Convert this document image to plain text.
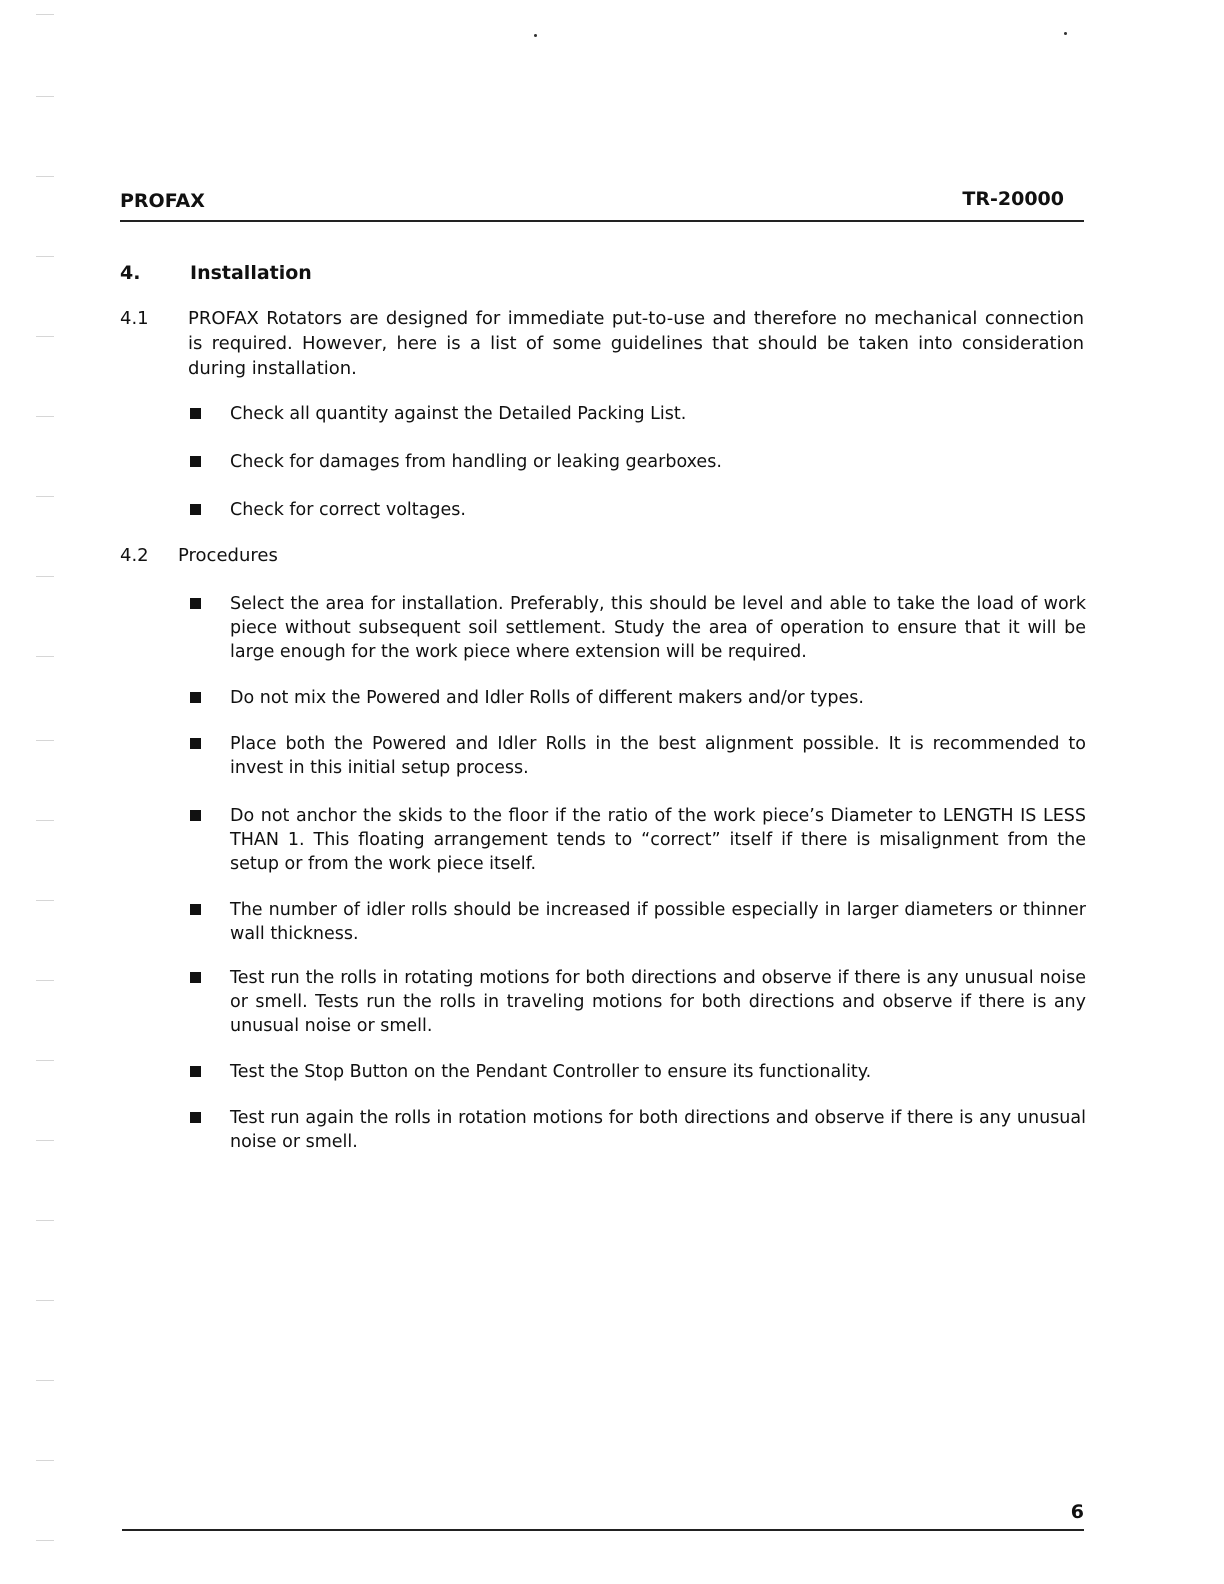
PROFAX	TR-20000
4.	Installation
4.1 PROFAX Rotators are designed for immediate put-to-use and therefore no mechanical connection is required. However, here is a list of some guidelines that should be taken into consideration during installation.
Check all quantity against the Detailed Packing List.
Check for damages from handling or leaking gearboxes.
Check for correct voltages.
4.2 Procedures
Select the area for installation. Preferably, this should be level and able to take the load of work piece without subsequent soil settlement. Study the area of operation to ensure that it will be large enough for the work piece where extension will be required.
Do not mix the Powered and Idler Rolls of different makers and/or types.
Place both the Powered and Idler Rolls in the best alignment possible. It is recommended to invest in this initial setup process.
Do not anchor the skids to the floor if the ratio of the work piece’s Diameter to LENGTH IS LESS THAN 1. This floating arrangement tends to “correct” itself if there is misalignment from the setup or from the work piece itself.
The number of idler rolls should be increased if possible especially in larger diameters or thinner wall thickness.
Test run the rolls in rotating motions for both directions and observe if there is any unusual noise or smell. Tests run the rolls in traveling motions for both directions and observe if there is any unusual noise or smell.
Test the Stop Button on the Pendant Controller to ensure its functionality.
Test run again the rolls in rotation motions for both directions and observe if there is any unusual noise or smell.
6
